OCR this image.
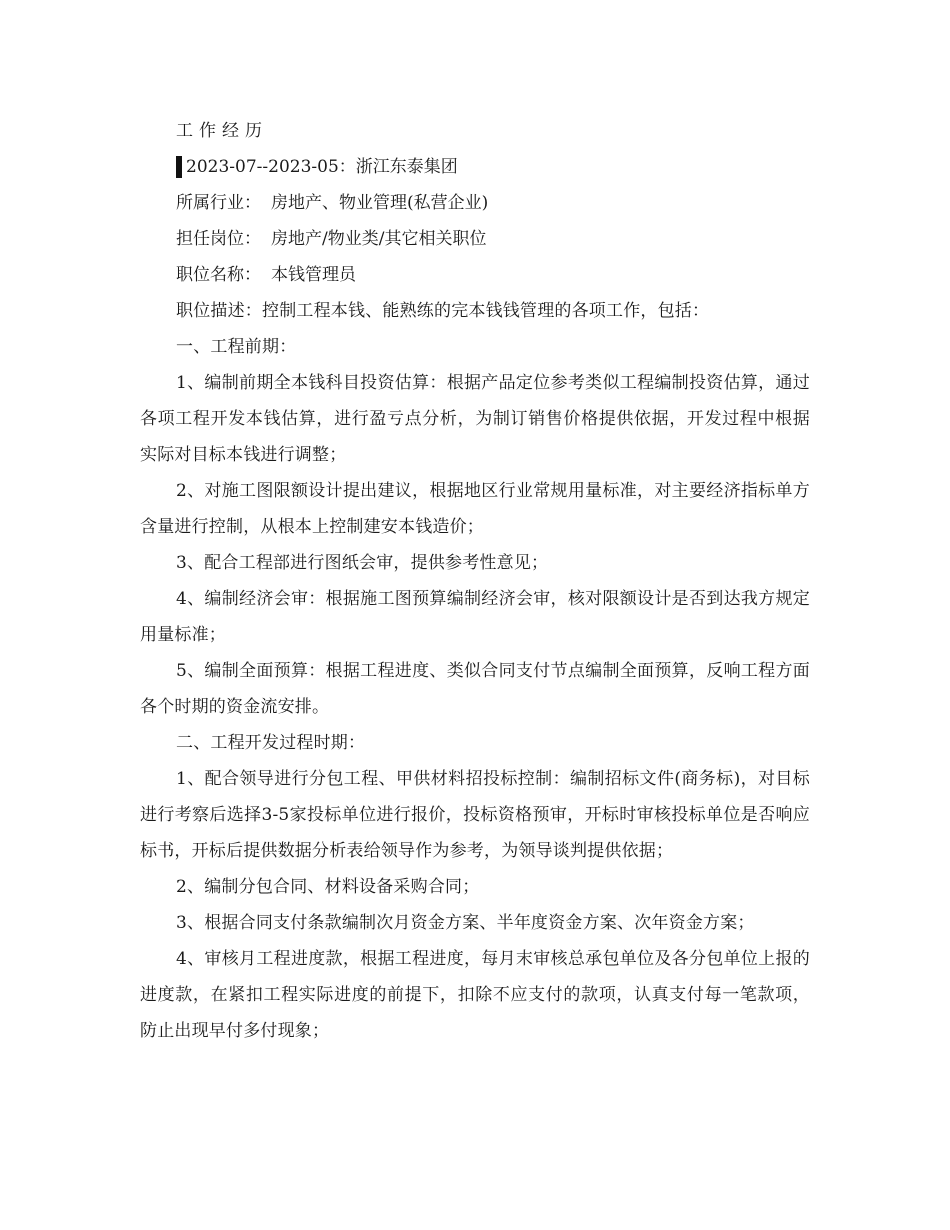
工作经历

2023-07--2023-05：浙江东泰集团

所属行业： 房地产、物业管理(私营企业)

担任岗位： 房地产/物业类/其它相关职位

职位名称： 本钱管理员

职位描述：控制工程本钱、能熟练的完本钱钱管理的各项工作，包括：

一、工程前期：

1、编制前期全本钱科目投资估算：根据产品定位参考类似工程编制投资估算，通过各项工程开发本钱估算，进行盈亏点分析，为制订销售价格提供依据，开发过程中根据实际对目标本钱进行调整；

2、对施工图限额设计提出建议，根据地区行业常规用量标准，对主要经济指标单方含量进行控制，从根本上控制建安本钱造价；

3、配合工程部进行图纸会审，提供参考性意见；

4、编制经济会审：根据施工图预算编制经济会审，核对限额设计是否到达我方规定用量标准；

5、编制全面预算：根据工程进度、类似合同支付节点编制全面预算，反响工程方面各个时期的资金流安排。

二、工程开发过程时期：

1、配合领导进行分包工程、甲供材料招投标控制：编制招标文件(商务标)，对目标进行考察后选择3-5家投标单位进行报价，投标资格预审，开标时审核投标单位是否响应标书，开标后提供数据分析表给领导作为参考，为领导谈判提供依据；

2、编制分包合同、材料设备采购合同；

3、根据合同支付条款编制次月资金方案、半年度资金方案、次年资金方案；

4、审核月工程进度款，根据工程进度，每月末审核总承包单位及各分包单位上报的进度款，在紧扣工程实际进度的前提下，扣除不应支付的款项，认真支付每一笔款项，防止出现早付多付现象；
